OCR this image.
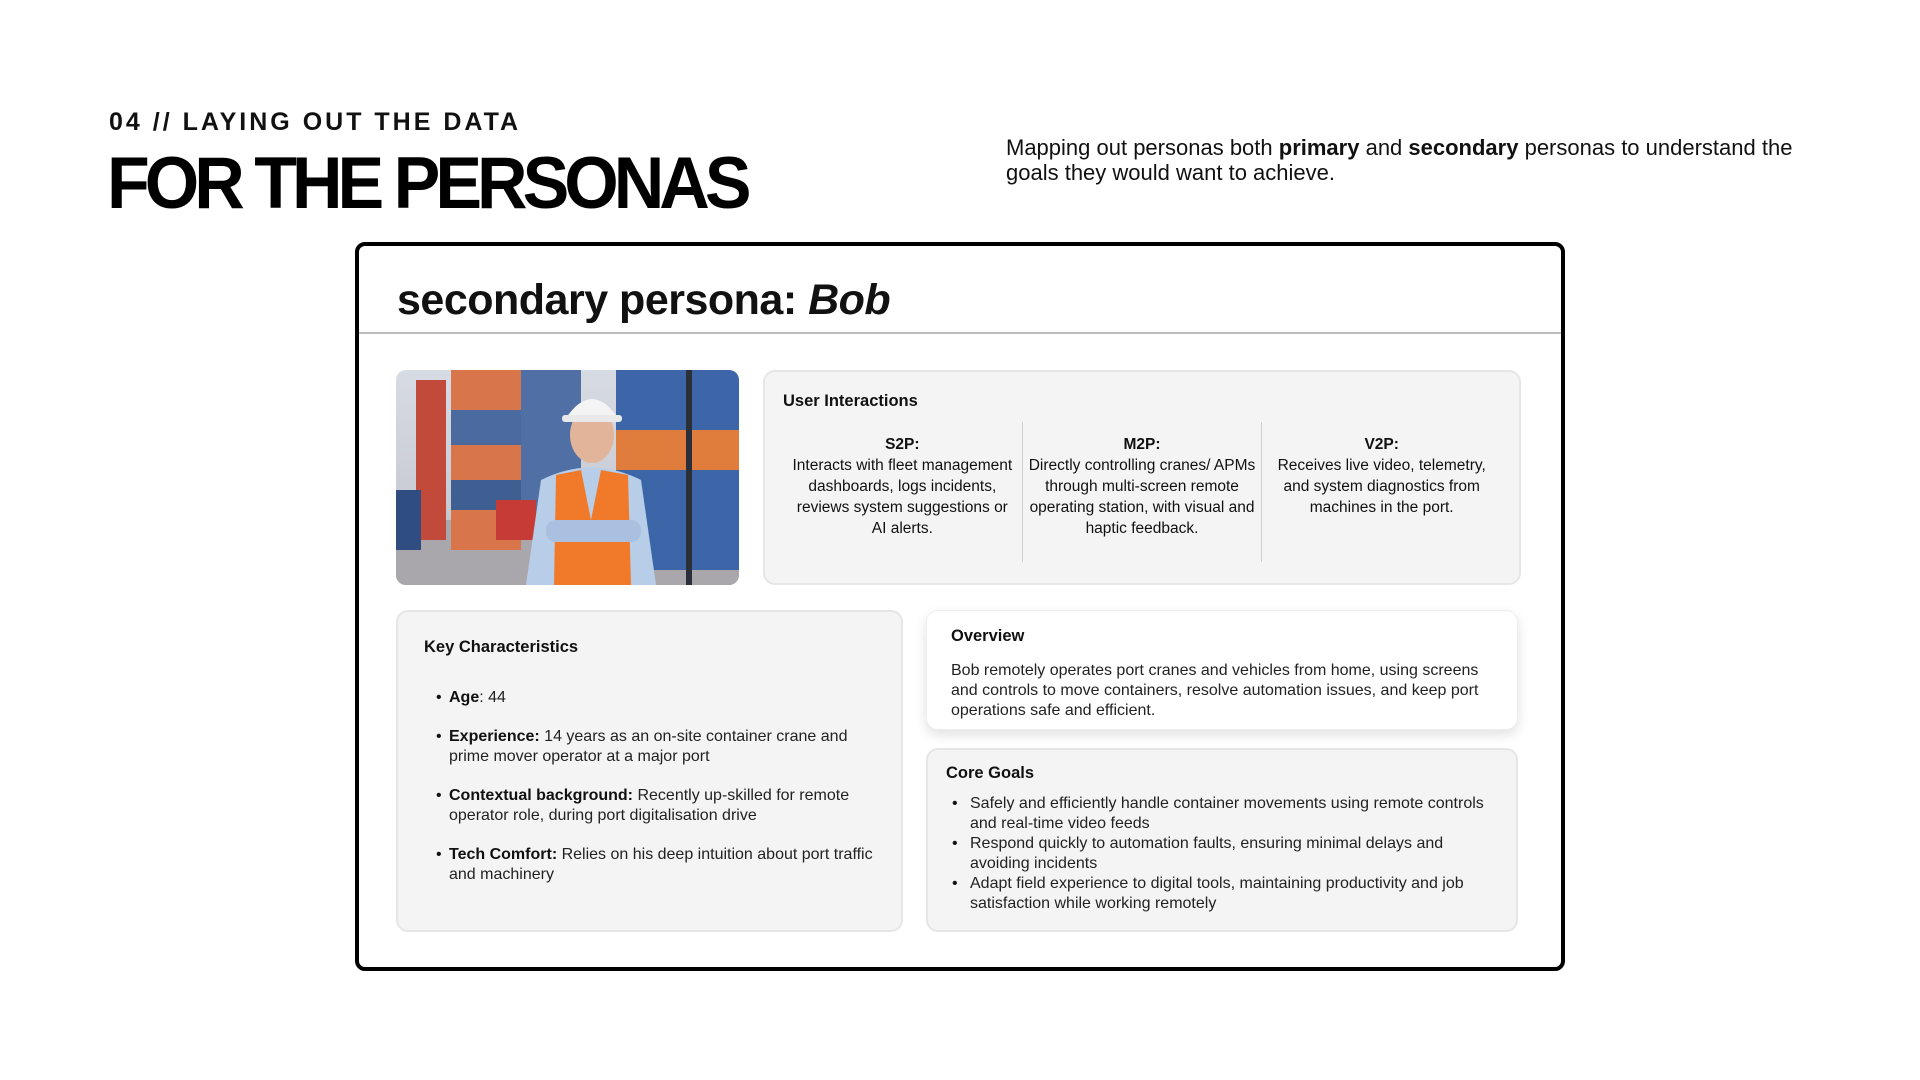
04 // LAYING OUT THE DATA
FOR THE PERSONAS	Mapping out personas both primary and secondary personas to understand the goals they would want to achieve.
secondary persona: Bob
User Interactions
S2P:
Interacts with fleet management dashboards, logs incidents, reviews system suggestions or AI alerts.
M2P:
Directly controlling cranes/ APMs through multi-screen remote operating station, with visual and haptic feedback.
V2P:
Receives live video, telemetry, and system diagnostics from machines in the port.
Key Characteristics
• Age: 44
• Experience: 14 years as an on-site container crane and prime mover operator at a major port
• Contextual background: Recently up-skilled for remote operator role, during port digitalisation drive
• Tech Comfort: Relies on his deep intuition about port traffic and machinery
Overview

Bob remotely operates port cranes and vehicles from home, using screens and controls to move containers, resolve automation issues, and keep port operations safe and efficient.

Core Goals
• Safely and efficiently handle container movements using remote controls and real-time video feeds
• Respond quickly to automation faults, ensuring minimal delays and avoiding incidents
• Adapt field experience to digital tools, maintaining productivity and job satisfaction while working remotely
